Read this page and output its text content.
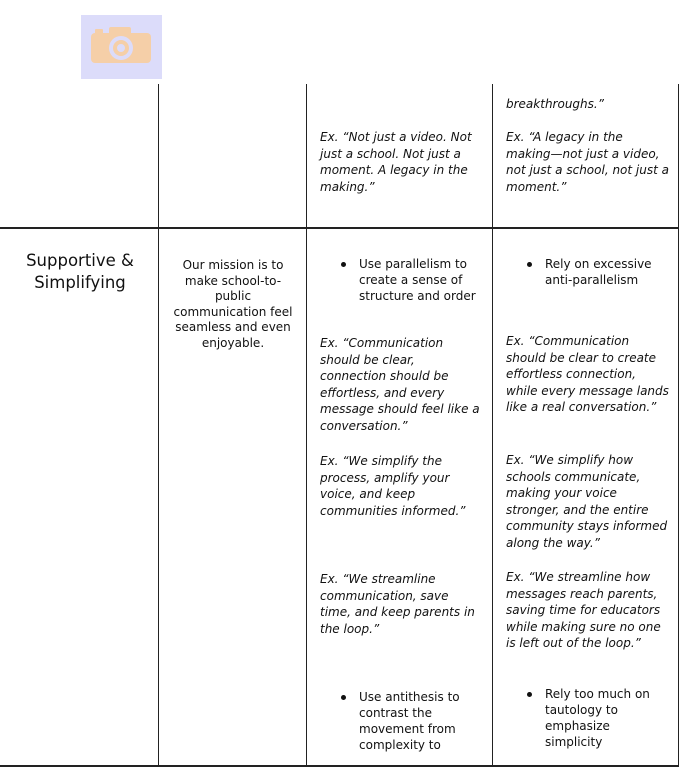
breakthroughs.”

Ex. “Not just a video. Not just a school. Not just a moment. A legacy in the making.”

Ex. “A legacy in the making—not just a video, not just a school, not just a moment.”

Supportive & Simplifying

Our mission is to make school-to-public communication feel seamless and even enjoyable.

Use parallelism to create a sense of structure and order

Ex. “Communication should be clear, connection should be effortless, and every message should feel like a conversation.”

Ex. “We simplify the process, amplify your voice, and keep communities informed.”

Ex. “We streamline communication, save time, and keep parents in the loop.”

Use antithesis to contrast the movement from complexity to
Rely on excessive anti-parallelism

Ex. “Communication should be clear to create effortless connection, while every message lands like a real conversation.”

Ex. “We simplify how schools communicate, making your voice stronger, and the entire community stays informed along the way.”

Ex. “We streamline how messages reach parents, saving time for educators while making sure no one is left out of the loop.”

Rely too much on tautology to emphasize simplicity
